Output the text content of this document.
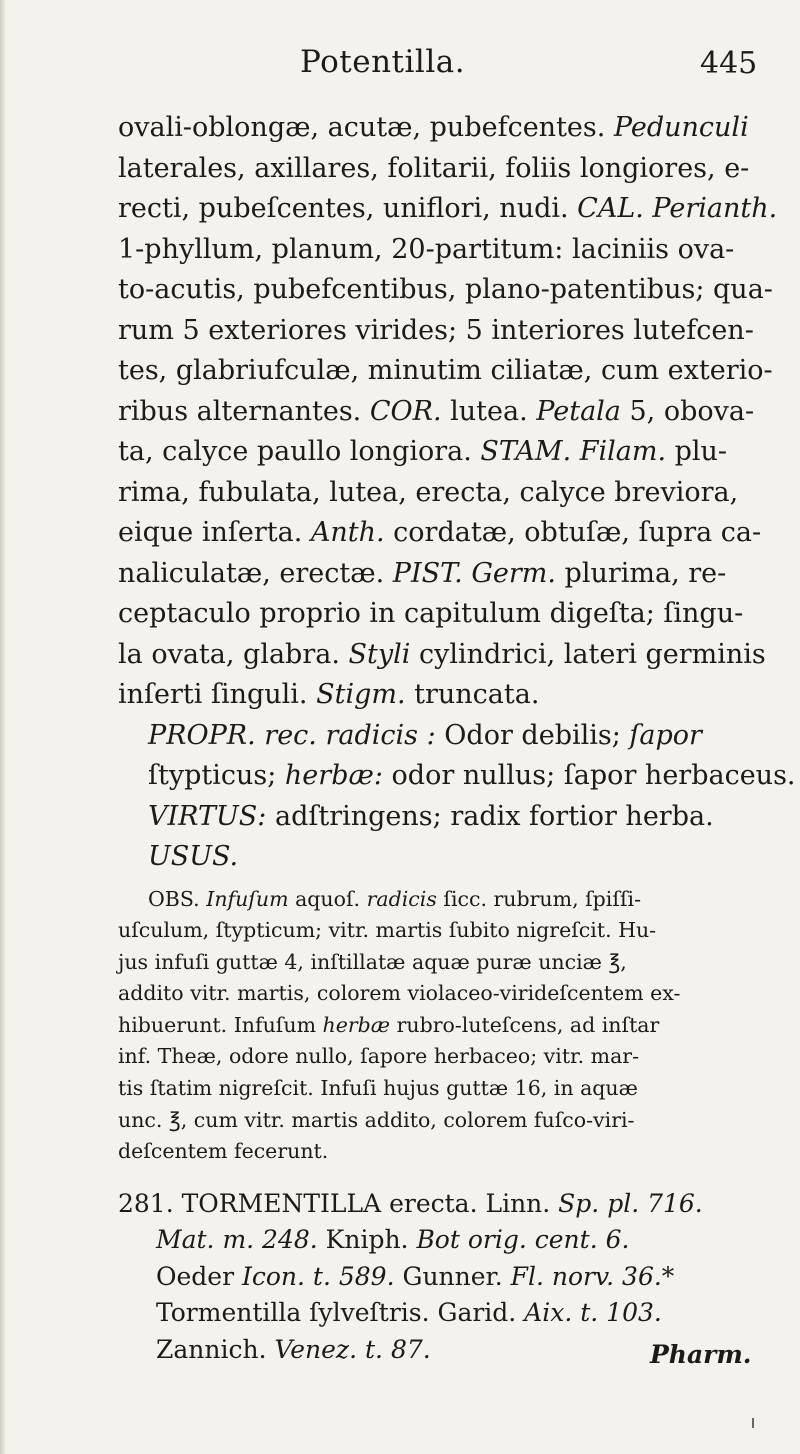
Potentilla.	445
ovali-oblongæ, acutæ, pubefcentes. Pedunculi
laterales, axillares, folitarii, foliis longiores, e-
recti, pubeſcentes, uniflori, nudi. CAL. Perianth.
1-phyllum, planum, 20-partitum: laciniis ova-
to-acutis, pubefcentibus, plano-patentibus; qua-
rum 5 exteriores virides; 5 interiores lutefcen-
tes, glabriufculæ, minutim ciliatæ, cum exterio-
ribus alternantes. COR. lutea. Petala 5, obova-
ta, calyce paullo longiora. STAM. Filam. plu-
rima, fubulata, lutea, erecta, calyce breviora,
eique inſerta. Anth. cordatæ, obtuſæ, ſupra ca-
naliculatæ, erectæ. PIST. Germ. plurima, re-
ceptaculo proprio in capitulum digeſta; ſingu-
la ovata, glabra. Styli cylindrici, lateri germinis
inſerti ſinguli. Stigm. truncata.
PROPR. rec. radicis : Odor debilis; ſapor
ſtypticus; herbæ: odor nullus; ſapor herbaceus.
VIRTUS: adſtringens; radix fortior herba.
USUS.
OBS. Infuſum aquoſ. radicis ſicc. rubrum, ſpiſſi-
uſculum, ſtypticum; vitr. martis ſubito nigreſcit. Hu-
jus infuſi guttæ 4, inſtillatæ aquæ puræ unciæ ℥,
addito vitr. martis, colorem violaceo-virideſcentem ex-
hibuerunt. Infuſum herbæ rubro-luteſcens, ad inſtar
inf. Theæ, odore nullo, ſapore herbaceo; vitr. mar-
tis ſtatim nigreſcit. Infuſi hujus guttæ 16, in aquæ
unc. ℥, cum vitr. martis addito, colorem fuſco-viri-
deſcentem fecerunt.
281. TORMENTILLA erecta. Linn. Sp. pl. 716.
Mat. m. 248. Kniph. Bot orig. cent. 6.
Oeder Icon. t. 589. Gunner. Fl. norv. 36.*
Tormentilla ſylveſtris. Garid. Aix. t. 103.
Zannich. Venez. t. 87.	Pharm.
